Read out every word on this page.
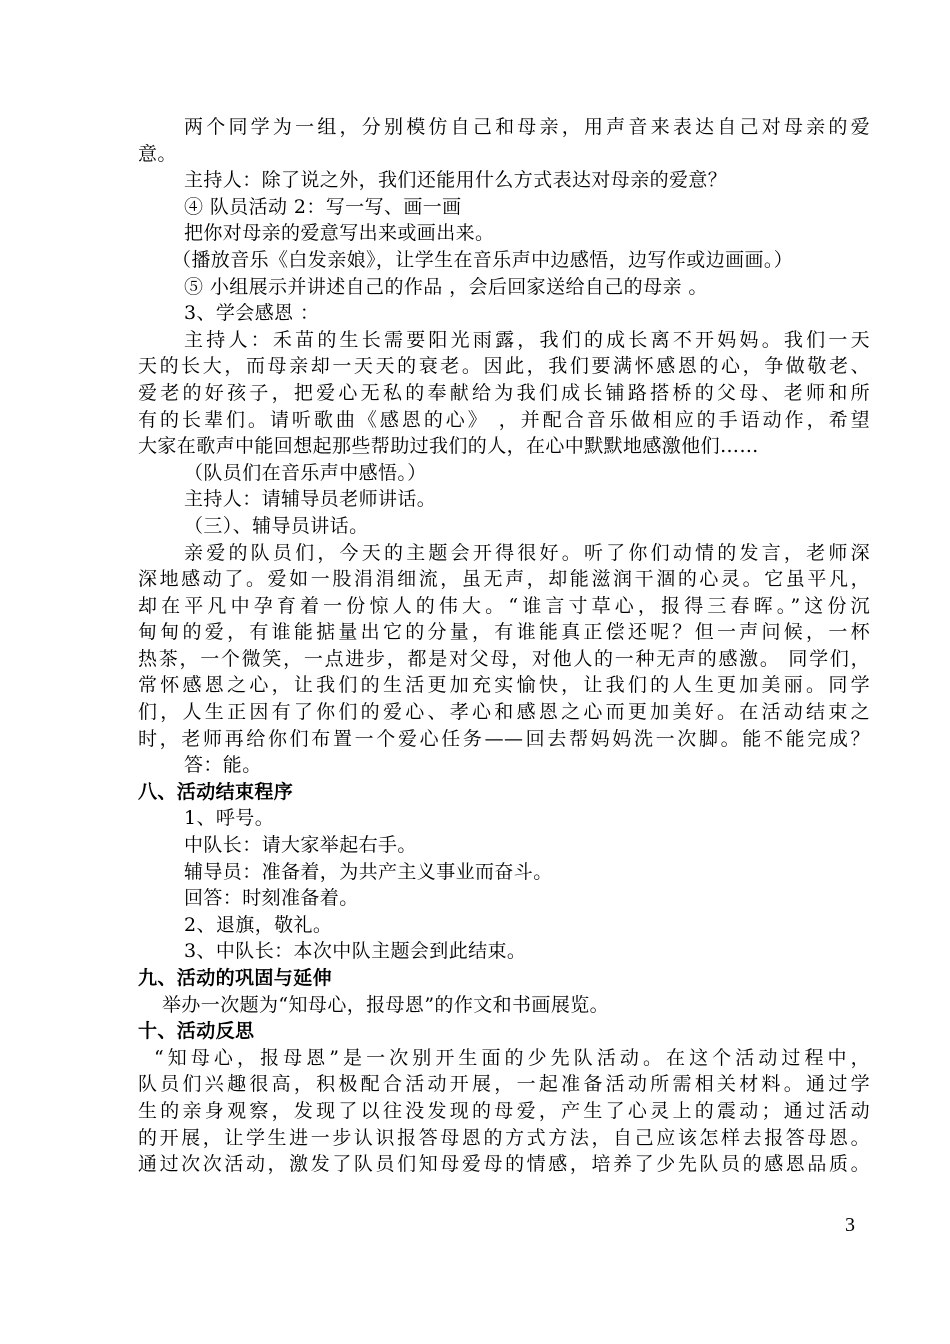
两个同学为一组，分别模仿自己和母亲，用声音来表达自己对母亲的爱
意。
主持人：除了说之外，我们还能用什么方式表达对母亲的爱意？
④ 队员活动 2：写一写、画一画
把你对母亲的爱意写出来或画出来。
（播放音乐《白发亲娘》，让学生在音乐声中边感悟，边写作或边画画。）
⑤ 小组展示并讲述自己的作品 ，会后回家送给自己的母亲 。
3、学会感恩 ：
主持人：禾苗的生长需要阳光雨露，我们的成长离不开妈妈。我们一天
天的长大，而母亲却一天天的衰老。因此，我们要满怀感恩的心，争做敬老、
爱老的好孩子，把爱心无私的奉献给为我们成长铺路搭桥的父母、老师和所
有的长辈们。请听歌曲《感恩的心》 ，并配合音乐做相应的手语动作，希望
大家在歌声中能回想起那些帮助过我们的人，在心中默默地感激他们……
（队员们在音乐声中感悟。）
主持人：请辅导员老师讲话。
（三）、辅导员讲话。
亲爱的队员们，今天的主题会开得很好。听了你们动情的发言，老师深
深地感动了。爱如一股涓涓细流，虽无声，却能滋润干涸的心灵。它虽平凡，
却在平凡中孕育着一份惊人的伟大。“谁言寸草心，报得三春晖。”这份沉
甸甸的爱，有谁能掂量出它的分量，有谁能真正偿还呢？但一声问候，一杯
热茶，一个微笑，一点进步，都是对父母，对他人的一种无声的感激。 同学们，
常怀感恩之心，让我们的生活更加充实愉快，让我们的人生更加美丽。同学
们，人生正因有了你们的爱心、孝心和感恩之心而更加美好。在活动结束之
时，老师再给你们布置一个爱心任务——回去帮妈妈洗一次脚。能不能完成？
答：能。
八、活动结束程序
1、呼号。
中队长：请大家举起右手。
辅导员：准备着，为共产主义事业而奋斗。
回答：时刻准备着。
2、退旗，敬礼。
3、中队长：本次中队主题会到此结束。
九、活动的巩固与延伸
举办一次题为“知母心，报母恩”的作文和书画展览。
十、活动反思
“知母心，报母恩”是一次别开生面的少先队活动。在这个活动过程中，
队员们兴趣很高，积极配合活动开展，一起准备活动所需相关材料。通过学
生的亲身观察，发现了以往没发现的母爱，产生了心灵上的震动；通过活动
的开展，让学生进一步认识报答母恩的方式方法，自己应该怎样去报答母恩。
通过次次活动，激发了队员们知母爱母的情感，培养了少先队员的感恩品质。
3
